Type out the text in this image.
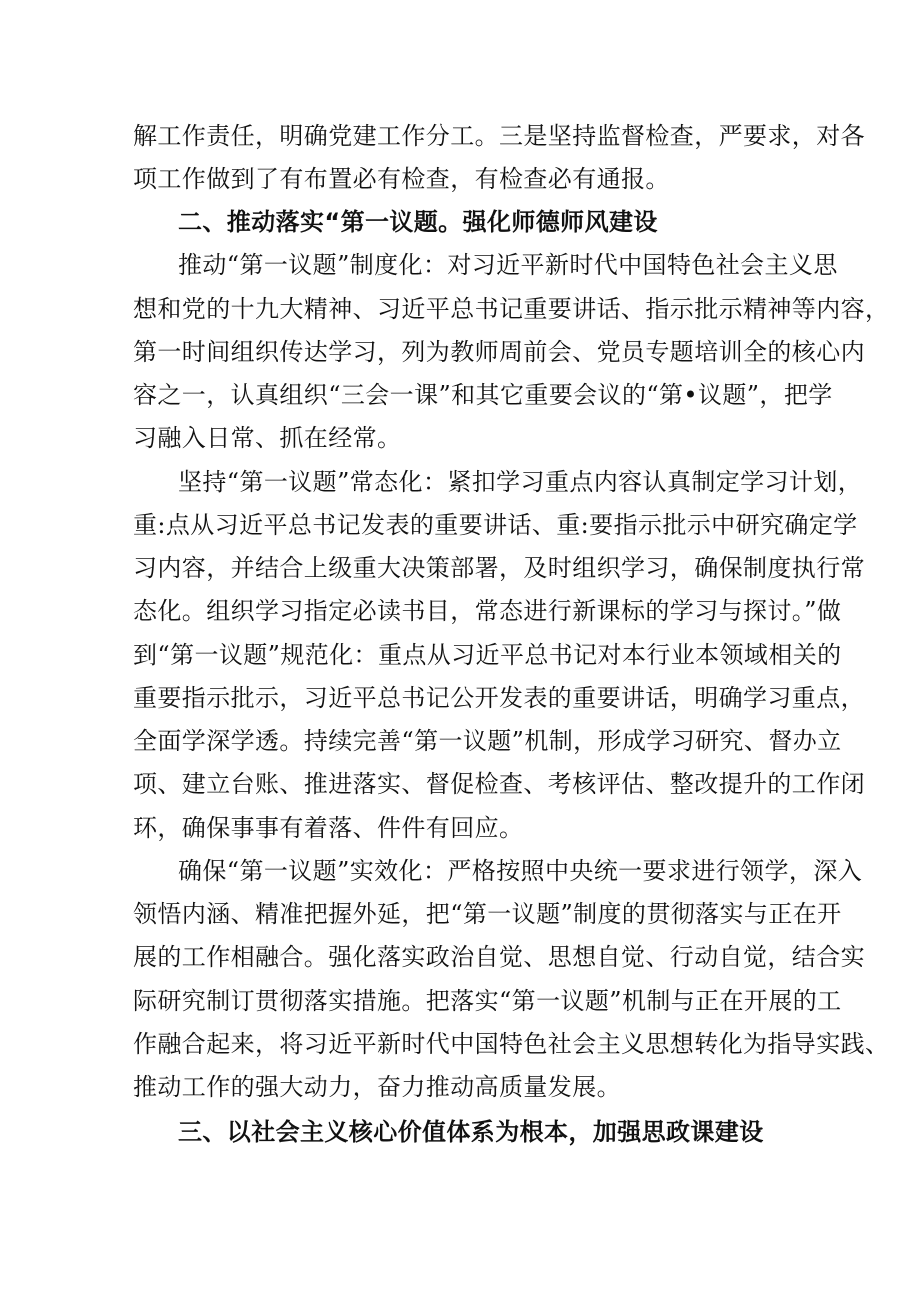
解工作责任，明确党建工作分工。三是坚持监督检查，严要求，对各
项工作做到了有布置必有检查，有检查必有通报。
二、推动落实“第一议题。强化师德师风建设
推动“第一议题”制度化：对习近平新时代中国特色社会主义思
想和党的十九大精神、习近平总书记重要讲话、指示批示精神等内容，
第一时间组织传达学习，列为教师周前会、党员专题培训全的核心内
容之一，认真组织“三会一课”和其它重要会议的“第•议题”，把学
习融入日常、抓在经常。
坚持“第一议题”常态化：紧扣学习重点内容认真制定学习计划，
重:点从习近平总书记发表的重要讲话、重:要指示批示中研究确定学
习内容，并结合上级重大决策部署，及时组织学习，确保制度执行常
态化。组织学习指定必读书目，常态进行新课标的学习与探讨。”做
到“第一议题”规范化：重点从习近平总书记对本行业本领域相关的
重要指示批示，习近平总书记公开发表的重要讲话，明确学习重点，
全面学深学透。持续完善“第一议题”机制，形成学习研究、督办立
项、建立台账、推进落实、督促检查、考核评估、整改提升的工作闭
环，确保事事有着落、件件有回应。
确保“第一议题”实效化：严格按照中央统一要求进行领学，深入
领悟内涵、精准把握外延，把“第一议题”制度的贯彻落实与正在开
展的工作相融合。强化落实政治自觉、思想自觉、行动自觉，结合实
际研究制订贯彻落实措施。把落实“第一议题”机制与正在开展的工
作融合起来，将习近平新时代中国特色社会主义思想转化为指导实践、
推动工作的强大动力，奋力推动高质量发展。
三、以社会主义核心价值体系为根本，加强思政课建设
